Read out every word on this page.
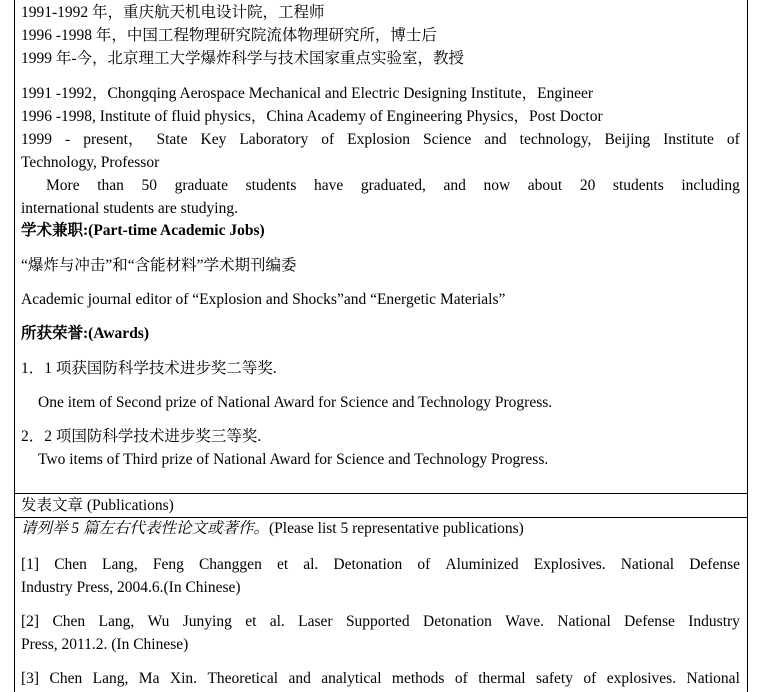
1991-1992 年，重庆航天机电设计院，工程师
1996 -1998 年，中国工程物理研究院流体物理研究所，博士后
1999 年-今，北京理工大学爆炸科学与技术国家重点实验室，教授
1991 -1992，Chongqing Aerospace Mechanical and Electric Designing Institute，Engineer
1996 -1998, Institute of fluid physics，China Academy of Engineering Physics，Post Doctor
1999 - present， State Key Laboratory of Explosion Science and technology, Beijing Institute of
Technology, Professor
More than 50 graduate students have graduated, and now about 20 students including
international students are studying.
学术兼职:(Part-time Academic Jobs)
“爆炸与冲击”和“含能材料”学术期刊编委
Academic journal editor of “Explosion and Shocks”and “Energetic Materials”
所获荣誉:(Awards)
1．1 项获国防科学技术进步奖二等奖.
One item of Second prize of National Award for Science and Technology Progress.
2．2 项国防科学技术进步奖三等奖.
Two items of Third prize of National Award for Science and Technology Progress.
发表文章 (Publications)
请列举 5 篇左右代表性论文或著作。(Please list 5 representative publications)
[1] Chen Lang, Feng Changgen et al. Detonation of Aluminized Explosives. National Defense
Industry Press, 2004.6.(In Chinese)
[2] Chen Lang, Wu Junying et al. Laser Supported Detonation Wave. National Defense Industry
Press, 2011.2. (In Chinese)
[3] Chen Lang, Ma Xin. Theoretical and analytical methods of thermal safety of explosives. National
